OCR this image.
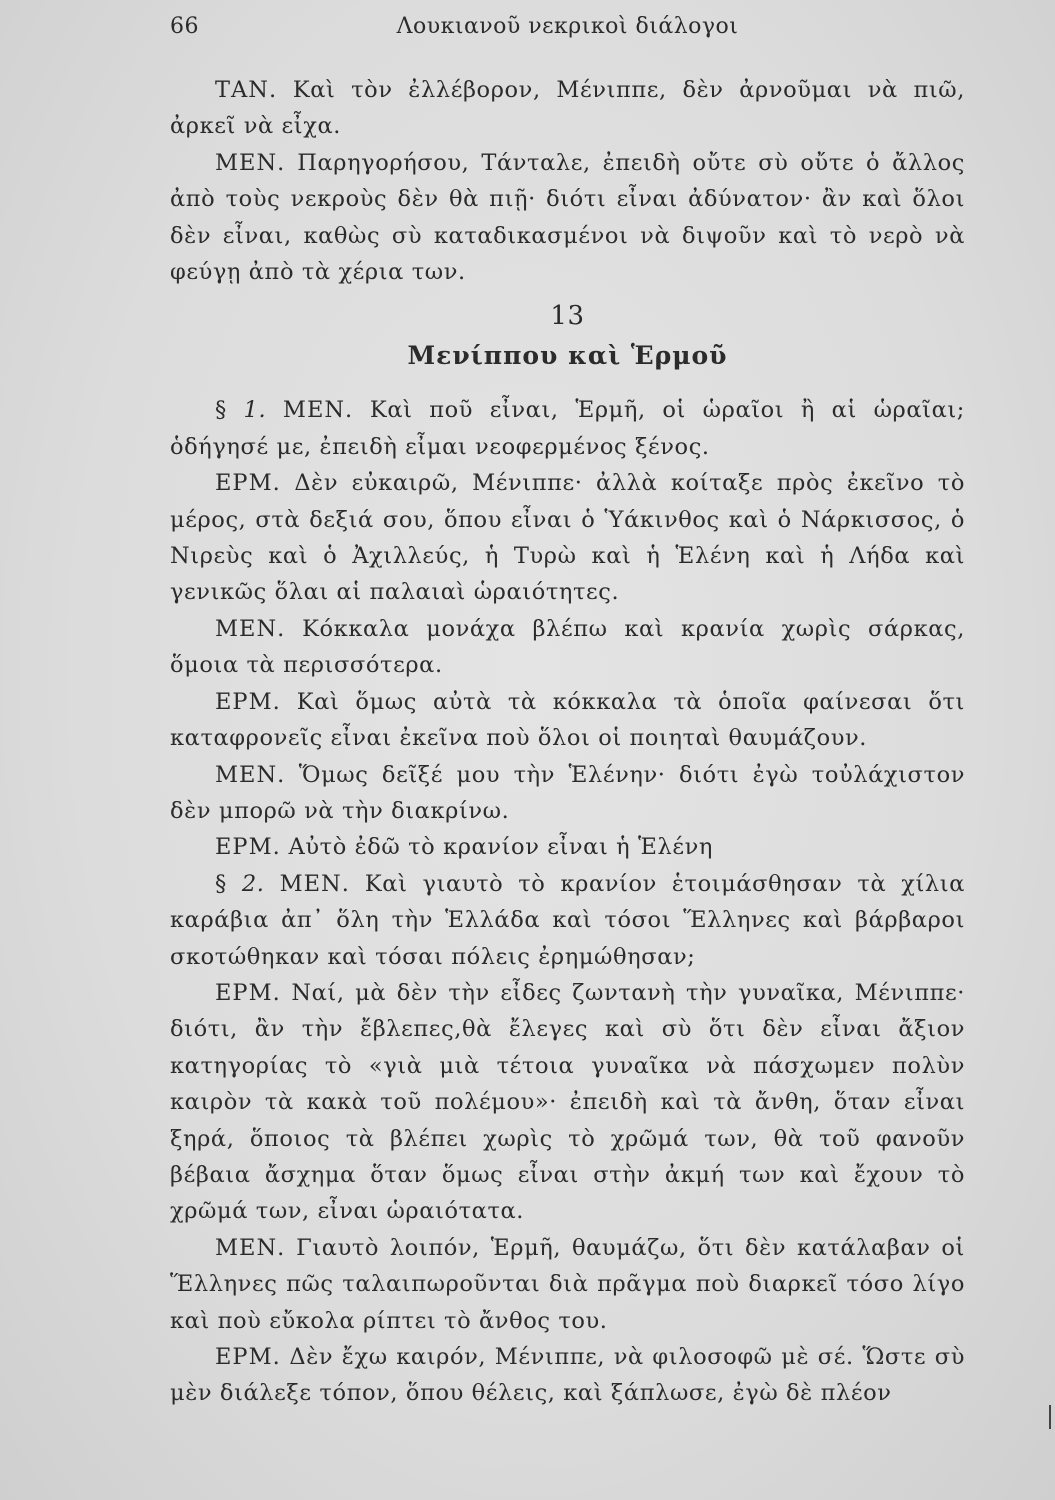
66	Λουκιανοῦ νεκρικοὶ διάλογοι

ΤΑΝ. Καὶ τὸν ἐλλέβορον, Μένιππε, δὲν ἀρνοῦμαι νὰ πιῶ, ἀρκεῖ νὰ εἶχα.

ΜΕΝ. Παρηγορήσου, Τάνταλε, ἐπειδὴ οὔτε σὺ οὔτε ὁ ἄλλος ἀπὸ τοὺς νεκροὺς δὲν θὰ πιῇ· διότι εἶναι ἀδύνατον· ἂν καὶ ὅλοι δὲν εἶναι, καθὼς σὺ καταδικασμένοι νὰ διψοῦν καὶ τὸ νερὸ νὰ φεύγῃ ἀπὸ τὰ χέρια των.

13
Μενίππου καὶ Ἑρμοῦ

§ 1. ΜΕΝ. Καὶ ποῦ εἶναι, Ἑρμῆ, οἱ ὡραῖοι ἢ αἱ ὡραῖαι; ὁδήγησέ με, ἐπειδὴ εἶμαι νεοφερμένος ξένος.

ΕΡΜ. Δὲν εὐκαιρῶ, Μένιππε· ἀλλὰ κοίταξε πρὸς ἐκεῖνο τὸ μέρος, στὰ δεξιά σου, ὅπου εἶναι ὁ Ὑάκινθος καὶ ὁ Νάρκισσος, ὁ Νιρεὺς καὶ ὁ Ἀχιλλεύς, ἡ Τυρὼ καὶ ἡ Ἑλένη καὶ ἡ Λήδα καὶ γενικῶς ὅλαι αἱ παλαιαὶ ὡραιότητες.

ΜΕΝ. Κόκκαλα μονάχα βλέπω καὶ κρανία χωρὶς σάρκας, ὅμοια τὰ περισσότερα.

ΕΡΜ. Καὶ ὅμως αὐτὰ τὰ κόκκαλα τὰ ὁποῖα φαίνεσαι ὅτι καταφρονεῖς εἶναι ἐκεῖνα ποὺ ὅλοι οἱ ποιηταὶ θαυμάζουν.

ΜΕΝ. Ὅμως δεῖξέ μου τὴν Ἑλένην· διότι ἐγὼ τοὐλάχιστον δὲν μπορῶ νὰ τὴν διακρίνω.

ΕΡΜ. Αὐτὸ ἐδῶ τὸ κρανίον εἶναι ἡ Ἑλένη

§ 2. ΜΕΝ. Καὶ γιαυτὸ τὸ κρανίον ἑτοιμάσθησαν τὰ χίλια καράβια ἀπ᾿ ὅλη τὴν Ἑλλάδα καὶ τόσοι Ἕλληνες καὶ βάρβαροι σκοτώθηκαν καὶ τόσαι πόλεις ἐρημώθησαν;

ΕΡΜ. Ναί, μὰ δὲν τὴν εἶδες ζωντανὴ τὴν γυναῖκα, Μένιππε· διότι, ἂν τὴν ἔβλεπες,θὰ ἔλεγες καὶ σὺ ὅτι δὲν εἶναι ἄξιον κατηγορίας τὸ «γιὰ μιὰ τέτοια γυναῖκα νὰ πάσχωμεν πολὺν καιρὸν τὰ κακὰ τοῦ πολέμου»· ἐπειδὴ καὶ τὰ ἄνθη, ὅταν εἶναι ξηρά, ὅποιος τὰ βλέπει χωρὶς τὸ χρῶμά των, θὰ τοῦ φανοῦν βέβαια ἄσχημα ὅταν ὅμως εἶναι στὴν ἀκμή των καὶ ἔχουν τὸ χρῶμά των, εἶναι ὡραιότατα.

ΜΕΝ. Γιαυτὸ λοιπόν, Ἑρμῆ, θαυμάζω, ὅτι δὲν κατάλαβαν οἱ Ἕλληνες πῶς ταλαιπωροῦνται διὰ πρᾶγμα ποὺ διαρκεῖ τόσο λίγο καὶ ποὺ εὔκολα ρίπτει τὸ ἄνθος του.

ΕΡΜ. Δὲν ἔχω καιρόν, Μένιππε, νὰ φιλοσοφῶ μὲ σέ. Ὥστε σὺ μὲν διάλεξε τόπον, ὅπου θέλεις, καὶ ξάπλωσε, ἐγὼ δὲ πλέον
